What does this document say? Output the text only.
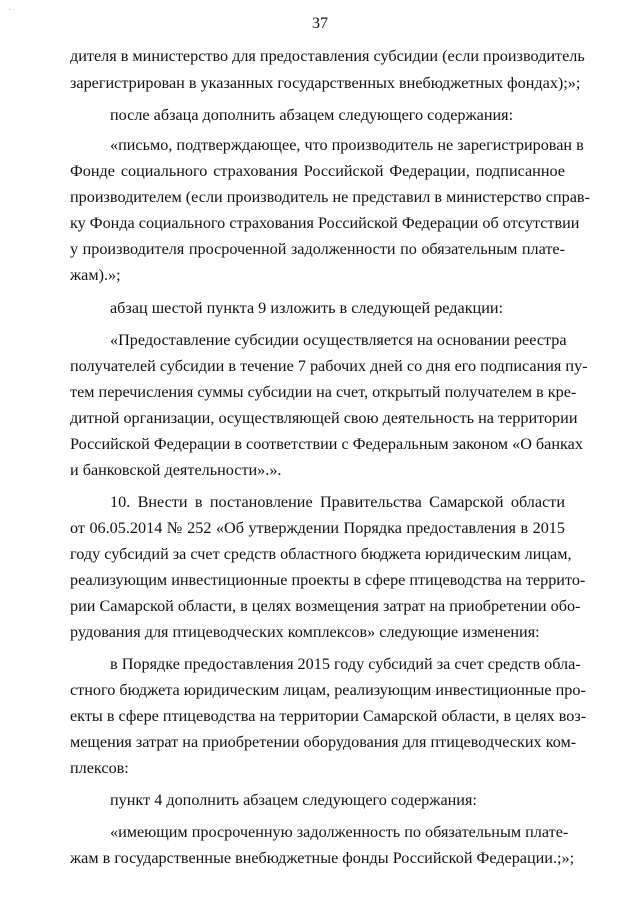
·
37
дителя в министерство для предоставления субсидии (если производитель
зарегистрирован в указанных государственных внебюджетных фондах);»;
после абзаца дополнить абзацем следующего содержания:
«письмо, подтверждающее, что производитель не зарегистрирован в
Фонде социального страхования Российской Федерации, подписанное
производителем (если производитель не представил в министерство справ-
ку Фонда социального страхования Российской Федерации об отсутствии
у производителя просроченной задолженности по обязательным плате-
жам).»;
абзац шестой пункта 9 изложить в следующей редакции:
«Предоставление субсидии осуществляется на основании реестра
получателей субсидии в течение 7 рабочих дней со дня его подписания пу-
тем перечисления суммы субсидии на счет, открытый получателем в кре-
дитной организации, осуществляющей свою деятельность на территории
Российской Федерации в соответствии с Федеральным законом «О банках
и банковской деятельности».».
10. Внести в постановление Правительства Самарской области
от 06.05.2014 № 252 «Об утверждении Порядка предоставления в 2015
году субсидий за счет средств областного бюджета юридическим лицам,
реализующим инвестиционные проекты в сфере птицеводства на террито-
рии Самарской области, в целях возмещения затрат на приобретении обо-
рудования для птицеводческих комплексов» следующие изменения:
в Порядке предоставления 2015 году субсидий за счет средств обла-
стного бюджета юридическим лицам, реализующим инвестиционные про-
екты в сфере птицеводства на территории Самарской области, в целях воз-
мещения затрат на приобретении оборудования для птицеводческих ком-
плексов:
пункт 4 дополнить абзацем следующего содержания:
«имеющим просроченную задолженность по обязательным плате-
жам в государственные внебюджетные фонды Российской Федерации.;»;
